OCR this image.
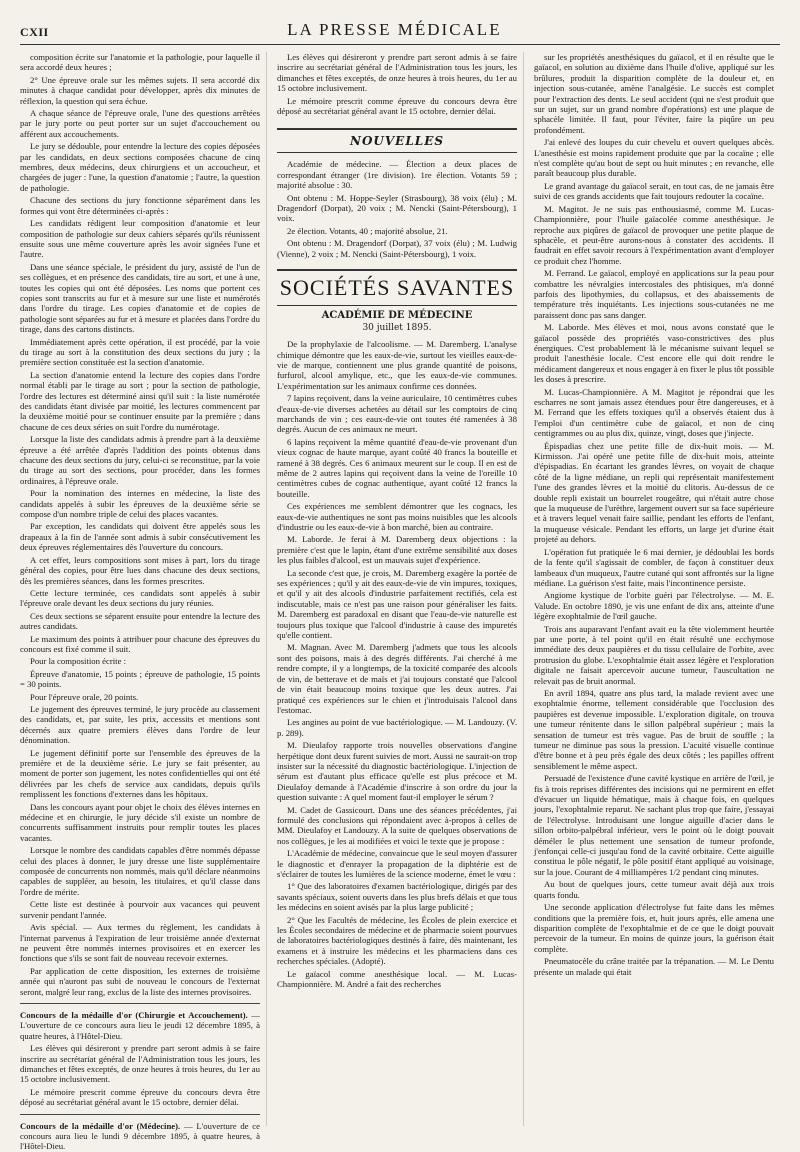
CXII	LA PRESSE MÉDICALE

composition écrite sur l'anatomie et la pathologie, pour laquelle il sera accordé deux heures ;

2° Une épreuve orale sur les mêmes sujets. Il sera accordé dix minutes à chaque candidat pour développer, après dix minutes de réflexion, la question qui sera échue.

A chaque séance de l'épreuve orale, l'une des questions arrêtées par le jury porte ou peut porter sur un sujet d'accouchement ou afférent aux accouchements.

Le jury se dédouble, pour entendre la lecture des copies déposées par les candidats, en deux sections composées chacune de cinq membres, deux médecins, deux chirurgiens et un accoucheur, et chargées de juger : l'une, la question d'anatomie ; l'autre, la question de pathologie.

Chacune des sections du jury fonctionne séparément dans les formes qui vont être déterminées ci-après :

Les candidats rédigent leur composition d'anatomie et leur composition de pathologie sur deux cahiers séparés qu'ils réunissent ensuite sous une même couverture après les avoir signées l'une et l'autre.

Dans une séance spéciale, le président du jury, assisté de l'un de ses collègues, et en présence des candidats, tire au sort, et une à une, toutes les copies qui ont été déposées. Les noms que portent ces copies sont transcrits au fur et à mesure sur une liste et numérotés dans l'ordre du tirage. Les copies d'anatomie et de copies de pathologie sont séparées au fur et à mesure et placées dans l'ordre du tirage, dans des cartons distincts.

Immédiatement après cette opération, il est procédé, par la voie du tirage au sort à la constitution des deux sections du jury ; la première section constituée est la section d'anatomie.

La section d'anatomie entend la lecture des copies dans l'ordre normal établi par le tirage au sort ; pour la section de pathologie, l'ordre des lectures est déterminé ainsi qu'il suit : la liste numérotée des candidats étant divisée par moitié, les lectures commencent par la deuxième moitié pour se continuer ensuite par la première ; dans chacune de ces deux séries on suit l'ordre du numérotage.

Lorsque la liste des candidats admis à prendre part à la deuxième épreuve a été arrêtée d'après l'addition des points obtenus dans chacune des deux sections du jury, celui-ci se reconstitue, par la voie du tirage au sort des sections, pour procéder, dans les formes ordinaires, à l'épreuve orale.

Pour la nomination des internes en médecine, la liste des candidats appelés à subir les épreuves de la deuxième série se compose d'un nombre triple de celui des places vacantes.

Par exception, les candidats qui doivent être appelés sous les drapeaux à la fin de l'année sont admis à subir consécutivement les deux épreuves réglementaires dès l'ouverture du concours.

A cet effet, leurs compositions sont mises à part, lors du tirage général des copies, pour être lues dans chacune des deux sections, dès les premières séances, dans les formes prescrites.

Cette lecture terminée, ces candidats sont appelés à subir l'épreuve orale devant les deux sections du jury réunies.

Ces deux sections se séparent ensuite pour entendre la lecture des autres candidats.

Le maximum des points à attribuer pour chacune des épreuves du concours est fixé comme il suit.

Pour la composition écrite :

Épreuve d'anatomie, 15 points ; épreuve de pathologie, 15 points = 30 points.

Pour l'épreuve orale, 20 points.

Le jugement des épreuves terminé, le jury procède au classement des candidats, et, par suite, les prix, accessits et mentions sont décernés aux quatre premiers élèves dans l'ordre de leur dénomination.

Le jugement définitif porte sur l'ensemble des épreuves de la première et de la deuxième série. Le jury se fait présenter, au moment de porter son jugement, les notes confidentielles qui ont été délivrées par les chefs de service aux candidats, depuis qu'ils remplissent les fonctions d'externes dans les hôpitaux.

Dans les concours ayant pour objet le choix des élèves internes en médecine et en chirurgie, le jury décide s'il existe un nombre de concurrents suffisamment instruits pour remplir toutes les places vacantes.

Lorsque le nombre des candidats capables d'être nommés dépasse celui des places à donner, le jury dresse une liste supplémentaire composée de concurrents non nommés, mais qu'il déclare néanmoins capables de suppléer, au besoin, les titulaires, et qu'il classe dans l'ordre de mérite.

Cette liste est destinée à pourvoir aux vacances qui peuvent survenir pendant l'année.

Avis spécial. — Aux termes du règlement, les candidats à l'internat parvenus à l'expiration de leur troisième année d'externat ne peuvent être nommés internes provisoires et en exercer les fonctions que s'ils se sont fait de nouveau recevoir externes.

Par application de cette disposition, les externes de troisième année qui n'auront pas subi de nouveau le concours de l'externat seront, malgré leur rang, exclus de la liste des internes provisoires.

Concours de la médaille d'or (Chirurgie et Accouchement). — L'ouverture de ce concours aura lieu le jeudi 12 décembre 1895, à quatre heures, à l'Hôtel-Dieu.

Les élèves qui désireront y prendre part seront admis à se faire inscrire au secrétariat général de l'Administration tous les jours, les dimanches et fêtes exceptés, de onze heures à trois heures, du 1er au 15 octobre inclusivement.

Le mémoire prescrit comme épreuve du concours devra être déposé au secrétariat général avant le 15 octobre, dernier délai.

Concours de la médaille d'or (Médecine). — L'ouverture de ce concours aura lieu le lundi 9 décembre 1895, à quatre heures, à l'Hôtel-Dieu.

Les élèves qui désireront y prendre part seront admis à se faire inscrire au secrétariat général de l'Administration tous les jours, les dimanches et fêtes exceptés, de onze heures à trois heures, du 1er au 15 octobre inclusivement.

Le mémoire prescrit comme épreuve du concours devra être déposé au secrétariat général avant le 15 octobre, dernier délai.

NOUVELLES

Académie de médecine. — Élection a deux places de correspondant étranger (1re division). 1re élection. Votants 59 ; majorité absolue : 30.

Ont obtenu : M. Hoppe-Seyler (Strasbourg), 38 voix (élu) ; M. Dragendorf (Dorpat), 20 voix ; M. Nencki (Saint-Pétersbourg), 1 voix.

2e élection. Votants, 40 ; majorité absolue, 21.

Ont obtenu : M. Dragendorf (Dorpat), 37 voix (élu) ; M. Ludwig (Vienne), 2 voix ; M. Nencki (Saint-Pétersbourg), 1 voix.

SOCIÉTÉS SAVANTES
ACADÉMIE DE MÉDECINE
30 juillet 1895.

De la prophylaxie de l'alcoolisme. — M. Daremberg. L'analyse chimique démontre que les eaux-de-vie, surtout les vieilles eaux-de-vie de marque, contiennent une plus grande quantité de poisons, furfurol, alcool amylique, etc., que les eaux-de-vie communes. L'expérimentation sur les animaux confirme ces données.

7 lapins reçoivent, dans la veine auriculaire, 10 centimètres cubes d'eaux-de-vie diverses achetées au détail sur les comptoirs de cinq marchands de vin ; ces eaux-de-vie ont toutes été ramenées à 38 degrés. Aucun de ces animaux ne meurt.

6 lapins reçoivent la même quantité d'eau-de-vie provenant d'un vieux cognac de haute marque, ayant coûté 40 francs la bouteille et ramené à 38 degrés. Ces 6 animaux meurent sur le coup. Il en est de même de 2 autres lapins qui reçoivent dans la veine de l'oreille 10 centimètres cubes de cognac authentique, ayant coûté 12 francs la bouteille.

Ces expériences me semblent démontrer que les cognacs, les eaux-de-vie authentiques ne sont pas moins nuisibles que les alcools d'industrie ou les eaux-de-vie à bon marché, bien au contraire.

M. Laborde. Je ferai à M. Daremberg deux objections : la première c'est que le lapin, étant d'une extrême sensibilité aux doses les plus faibles d'alcool, est un mauvais sujet d'expérience.

La seconde c'est que, je crois, M. Daremberg exagère la portée de ses expériences ; qu'il y ait des eaux-de-vie de vin impures, toxiques, et qu'il y ait des alcools d'industrie parfaitement rectifiés, cela est indiscutable, mais ce n'est pas une raison pour généraliser les faits. M. Daremberg est paradoxal en disant que l'eau-de-vie naturelle est toujours plus toxique que l'alcool d'industrie à cause des impuretés qu'elle contient.

M. Magnan. Avec M. Daremberg j'admets que tous les alcools sont des poisons, mais à des degrés différents. J'ai cherché à me rendre compte, il y a longtemps, de la toxicité comparée des alcools de vin, de betterave et de maïs et j'ai toujours constaté que l'alcool de vin était beaucoup moins toxique que les deux autres. J'ai pratiqué ces expériences sur le chien et j'introduisais l'alcool dans l'estomac.

Les angines au point de vue bactériologique. — M. Landouzy. (V. p. 289).

M. Dieulafoy rapporte trois nouvelles observations d'angine herpétique dont deux furent suivies de mort. Aussi ne saurait-on trop insister sur la nécessité du diagnostic bactériologique. L'injection de sérum est d'autant plus efficace qu'elle est plus précoce et M. Dieulafoy demande à l'Académie d'inscrire à son ordre du jour la question suivante : A quel moment faut-il employer le sérum ?

M. Cadet de Gassicourt. Dans une des séances précédentes, j'ai formulé des conclusions qui répondaient avec à-propos à celles de MM. Dieulafoy et Landouzy. A la suite de quelques observations de nos collègues, je les ai modifiées et voici le texte que je propose :

L'Académie de médecine, convaincue que le seul moyen d'assurer le diagnostic et d'enrayer la propagation de la diphtérie est de s'éclairer de toutes les lumières de la science moderne, émet le vœu :

1° Que des laboratoires d'examen bactériologique, dirigés par des savants spéciaux, soient ouverts dans les plus brefs délais et que tous les médecins en soient avisés par la plus large publicité ;

2° Que les Facultés de médecine, les Écoles de plein exercice et les Écoles secondaires de médecine et de pharmacie soient pourvues de laboratoires bactériologiques destinés à faire, dès maintenant, les examens et à instruire les médecins et les pharmaciens dans ces recherches spéciales. (Adopté).

Le gaïacol comme anesthésique local. — M. Lucas-Championnière. M. André a fait des recherches

sur les propriétés anesthésiques du gaïacol, et il en résulte que le gaïacol, en solution au dixième dans l'huile d'olive, appliqué sur les brûlures, produit la disparition complète de la douleur et, en injection sous-cutanée, amène l'analgésie. Le succès est complet pour l'extraction des dents. Le seul accident (qui ne s'est produit que sur un sujet, sur un grand nombre d'opérations) est une plaque de sphacèle limitée. Il faut, pour l'éviter, faire la piqûre un peu profondément.

J'ai enlevé des loupes du cuir chevelu et ouvert quelques abcès. L'anesthésie est moins rapidement produite que par la cocaïne ; elle n'est complète qu'au bout de sept ou huit minutes ; en revanche, elle paraît beaucoup plus durable.

Le grand avantage du gaïacol serait, en tout cas, de ne jamais être suivi de ces grands accidents que fait toujours redouter la cocaïne.

M. Magitot. Je ne suis pas enthousiasmé, comme M. Lucas-Championnière, pour l'huile gaïacolée comme anesthésique. Je reproche aux piqûres de gaïacol de provoquer une petite plaque de sphacèle, et peut-être aurons-nous à constater des accidents. Il faudrait en effet savoir recours à l'expérimentation avant d'employer ce produit chez l'homme.

M. Ferrand. Le gaïacol, employé en applications sur la peau pour combattre les névralgies intercostales des phtisiques, m'a donné parfois des lipothymies, du collapsus, et des abaissements de température très inquiétants. Les injections sous-cutanées ne me paraissent donc pas sans danger.

M. Laborde. Mes élèves et moi, nous avons constaté que le gaïacol possède des propriétés vaso-constrictives des plus énergiques. C'est probablement là le mécanisme suivant lequel se produit l'anesthésie locale. C'est encore elle qui doit rendre le médicament dangereux et nous engager à en fixer le plus tôt possible les doses à prescrire.

M. Lucas-Championnière. A M. Magitot je répondrai que les escharres ne sont jamais assez étendues pour être dangereuses, et à M. Ferrand que les effets toxiques qu'il a observés étaient dus à l'emploi d'un centimètre cube de gaïacol, et non de cinq centigrammes ou au plus dix, quinze, vingt, doses que j'injecte.

Épispadias chez une petite fille de dix-huit mois. — M. Kirmisson. J'ai opéré une petite fille de dix-huit mois, atteinte d'épispadias. En écartant les grandes lèvres, on voyait de chaque côté de la ligne médiane, un repli qui représentait manifestement l'une des grandes lèvres et la moitié du clitoris. Au-dessus de ce double repli existait un bourrelet rougeâtre, qui n'était autre chose que la muqueuse de l'urèthre, largement ouvert sur sa face supérieure et à travers lequel venait faire saillie, pendant les efforts de l'enfant, la muqueuse vésicale. Pendant les efforts, un large jet d'urine était projeté au dehors.

L'opération fut pratiquée le 6 mai dernier, je dédoublai les bords de la fente qu'il s'agissait de combler, de façon à constituer deux lambeaux d'un muqueux, l'autre cutané qui sont affrontés sur la ligne médiane. La guérison s'est faite, mais l'incontinence persiste.

Angiome kystique de l'orbite guéri par l'électrolyse. — M. E. Valude. En octobre 1890, je vis une enfant de dix ans, atteinte d'une légère exophtalmie de l'œil gauche.

Trois ans auparavant l'enfant avait eu la tête violemment heurtée par une porte, à tel point qu'il en était résulté une ecchymose immédiate des deux paupières et du tissu cellulaire de l'orbite, avec protrusion du globe. L'exophtalmie était assez légère et l'exploration digitale ne faisait apercevoir aucune tumeur, l'auscultation ne relevait pas de bruit anormal.

En avril 1894, quatre ans plus tard, la malade revient avec une exophtalmie énorme, tellement considérable que l'occlusion des paupières est devenue impossible. L'exploration digitale, on trouva une tumeur rénitente dans le sillon palpébral supérieur ; mais la sensation de tumeur est très vague. Pas de bruit de souffle ; la tumeur ne diminue pas sous la pression. L'acuité visuelle continue d'être bonne et à peu près égale des deux côtés ; les papilles offrent sensiblement le même aspect.

Persuadé de l'existence d'une cavité kystique en arrière de l'œil, je fis à trois reprises différentes des incisions qui ne permirent en effet d'évacuer un liquide hématique, mais à chaque fois, en quelques jours, l'exophtalmie reparut. Ne sachant plus trop que faire, j'essayai de l'électrolyse. Introduisant une longue aiguille d'acier dans le sillon orbito-palpébral inférieur, vers le point où le doigt pouvait déméler le plus nettement une sensation de tumeur profonde, j'enfonçai celle-ci jusqu'au fond de la cavité orbitaire. Cette aiguille constitua le pôle négatif, le pôle positif étant appliqué au voisinage, sur la joue. Courant de 4 milliampères 1/2 pendant cinq minutes.

Au bout de quelques jours, cette tumeur avait déjà aux trois quarts fondu.

Une seconde application d'électrolyse fut faite dans les mêmes conditions que la première fois, et, huit jours après, elle amena une disparition complète de l'exophtalmie et de ce que le doigt pouvait percevoir de la tumeur. En moins de quinze jours, la guérison était complète.

Pneumatocèle du crâne traitée par la trépanation. — M. Le Dentu présente un malade qui était
